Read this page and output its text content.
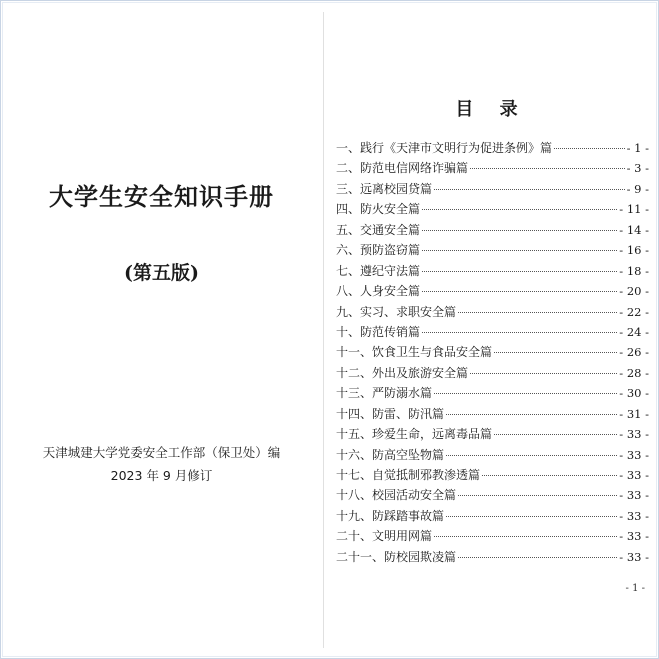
大学生安全知识手册
(第五版)
天津城建大学党委安全工作部（保卫处）编
2023 年 9 月修订
目 录
一、践行《天津市文明行为促进条例》篇	- 1 -
二、防范电信网络诈骗篇	- 3 -
三、远离校园贷篇	- 9 -
四、防火安全篇	- 11 -
五、交通安全篇	- 14 -
六、预防盗窃篇	- 16 -
七、遵纪守法篇	- 18 -
八、人身安全篇	- 20 -
九、实习、求职安全篇	- 22 -
十、防范传销篇	- 24 -
十一、饮食卫生与食品安全篇	- 26 -
十二、外出及旅游安全篇	- 28 -
十三、严防溺水篇	- 30 -
十四、防雷、防汛篇	- 31 -
十五、珍爱生命，远离毒品篇	- 33 -
十六、防高空坠物篇	- 33 -
十七、自觉抵制邪教渗透篇	- 33 -
十八、校园活动安全篇	- 33 -
十九、防踩踏事故篇	- 33 -
二十、文明用网篇	- 33 -
二十一、防校园欺凌篇	- 33 -
- 1 -
